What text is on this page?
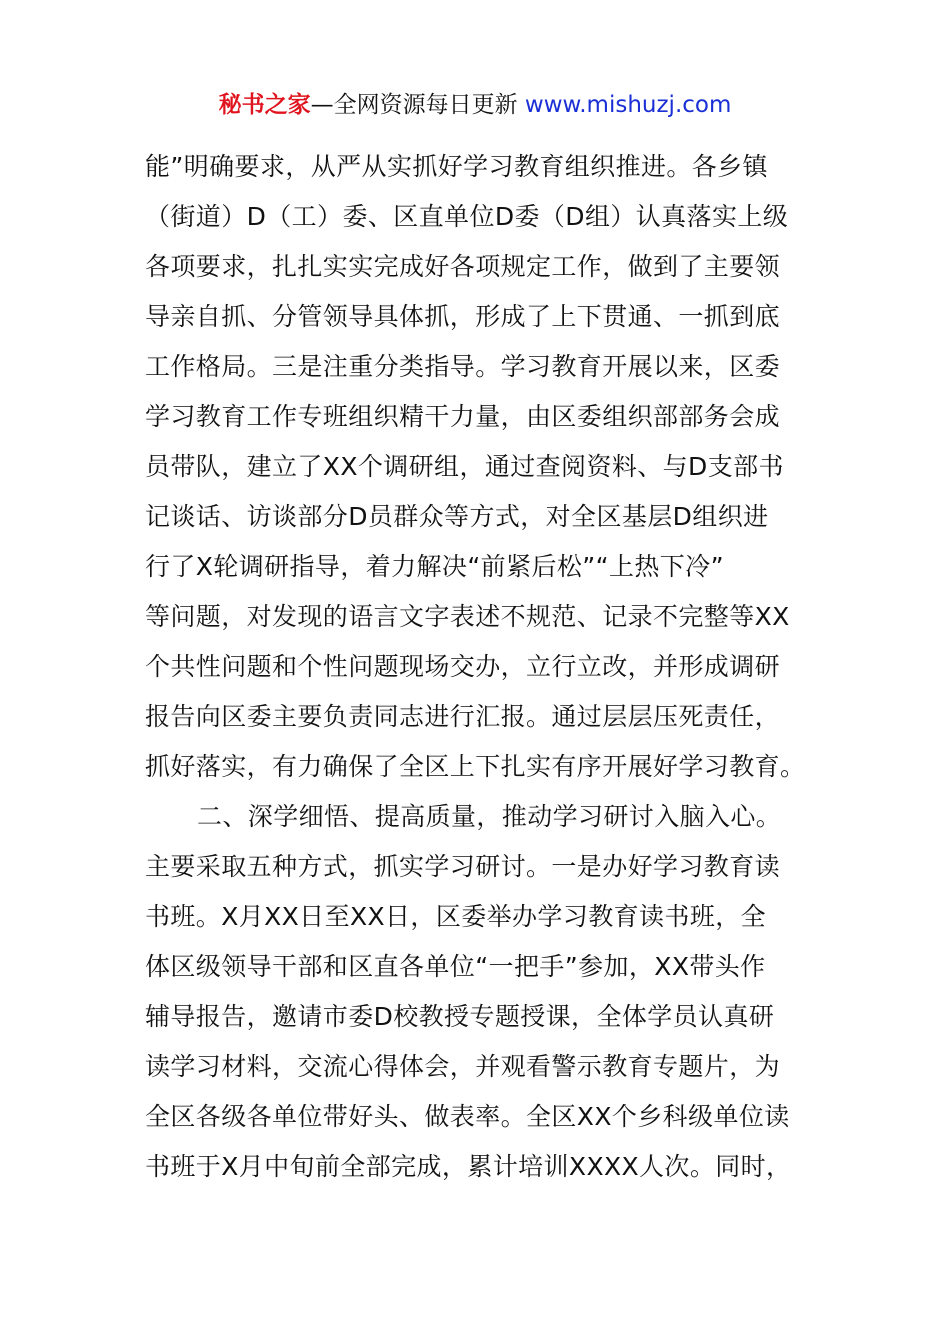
秘书之家—全网资源每日更新 www.mishuzj.com
能”明确要求，从严从实抓好学习教育组织推进。各乡镇
（街道）D（工）委、区直单位D委（D组）认真落实上级
各项要求，扎扎实实完成好各项规定工作，做到了主要领
导亲自抓、分管领导具体抓，形成了上下贯通、一抓到底
工作格局。三是注重分类指导。学习教育开展以来，区委
学习教育工作专班组织精干力量，由区委组织部部务会成
员带队，建立了XX个调研组，通过查阅资料、与D支部书
记谈话、访谈部分D员群众等方式，对全区基层D组织进
行了X轮调研指导，着力解决“前紧后松”“上热下冷”
等问题，对发现的语言文字表述不规范、记录不完整等XX
个共性问题和个性问题现场交办，立行立改，并形成调研
报告向区委主要负责同志进行汇报。通过层层压死责任，
抓好落实，有力确保了全区上下扎实有序开展好学习教育。
二、深学细悟、提高质量，推动学习研讨入脑入心。
主要采取五种方式，抓实学习研讨。一是办好学习教育读
书班。X月XX日至XX日，区委举办学习教育读书班，全
体区级领导干部和区直各单位“一把手”参加，XX带头作
辅导报告，邀请市委D校教授专题授课，全体学员认真研
读学习材料，交流心得体会，并观看警示教育专题片，为
全区各级各单位带好头、做表率。全区XX个乡科级单位读
书班于X月中旬前全部完成，累计培训XXXX人次。同时，
